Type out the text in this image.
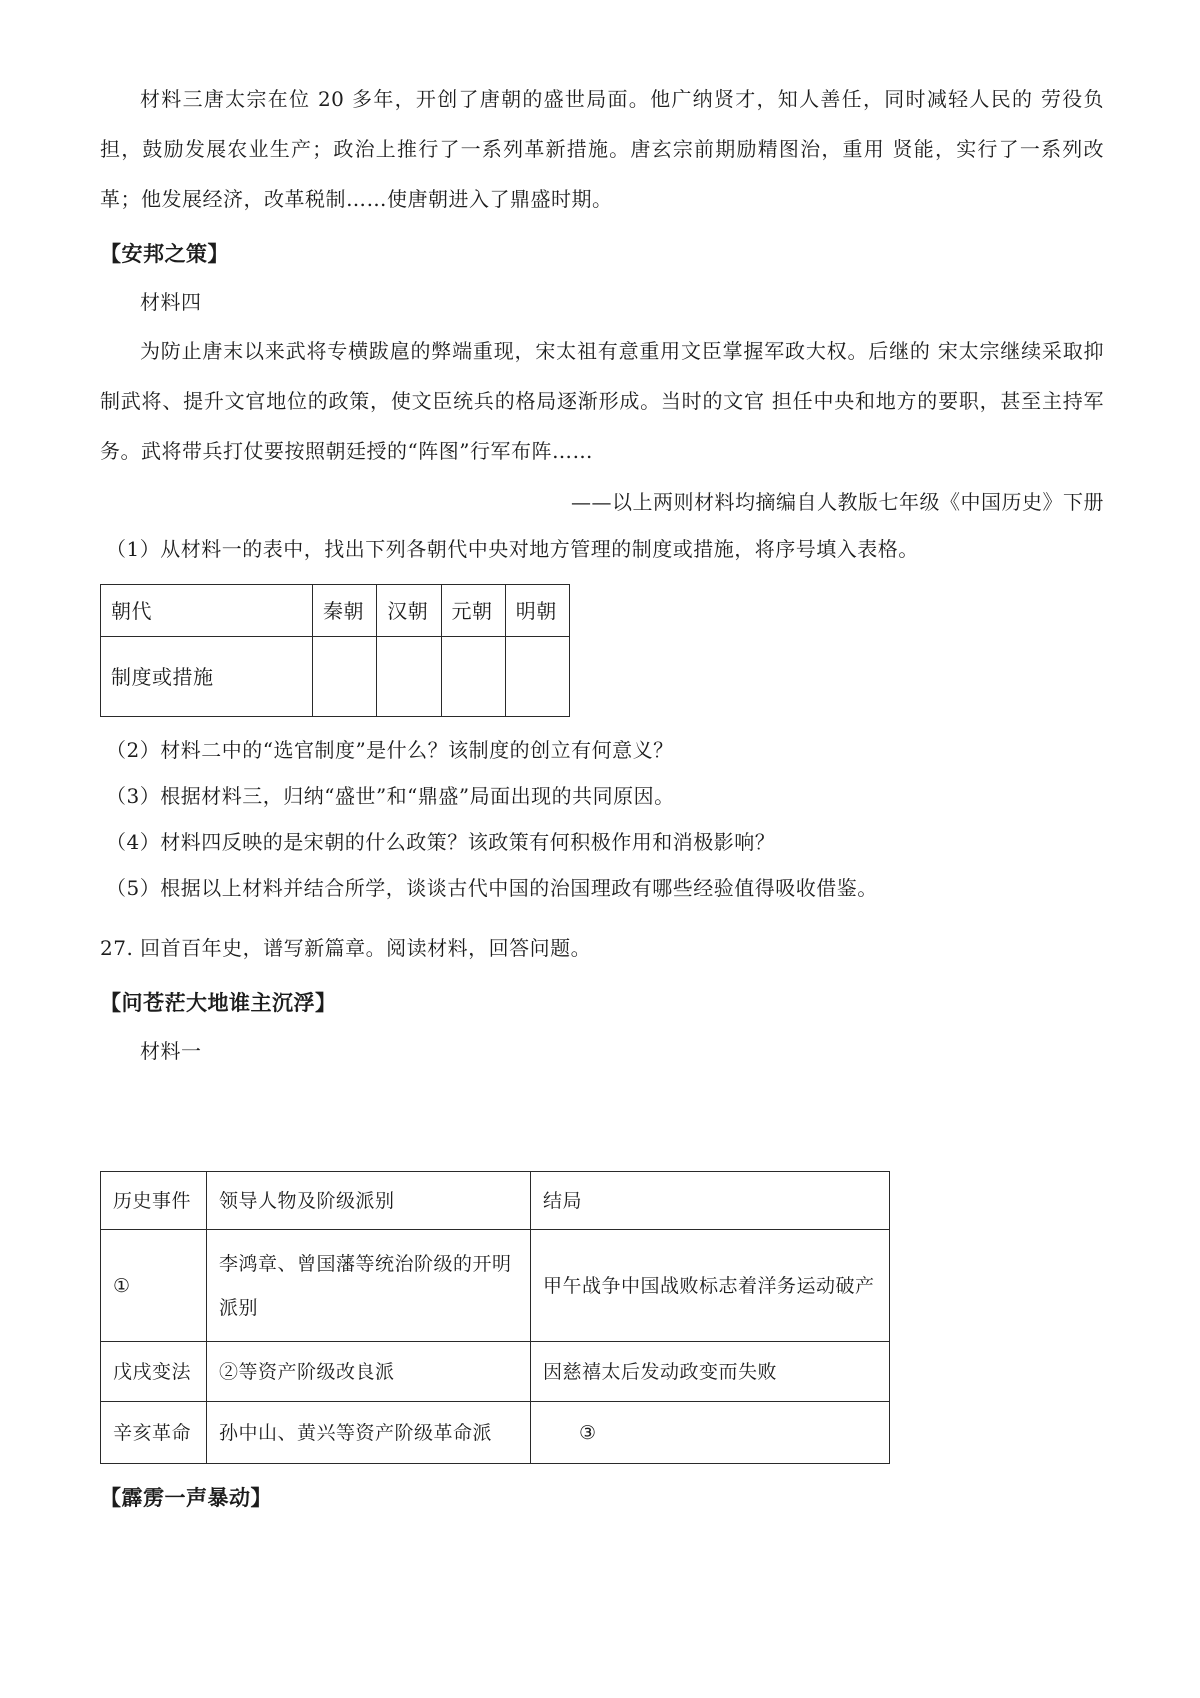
材料三唐太宗在位 20 多年，开创了唐朝的盛世局面。他广纳贤才，知人善任，同时减轻人民的 劳役负担，鼓励发展农业生产；政治上推行了一系列革新措施。唐玄宗前期励精图治，重用 贤能，实行了一系列改革；他发展经济，改革税制……使唐朝进入了鼎盛时期。

【安邦之策】
材料四

为防止唐末以来武将专横跋扈的弊端重现，宋太祖有意重用文臣掌握军政大权。后继的 宋太宗继续采取抑制武将、提升文官地位的政策，使文臣统兵的格局逐渐形成。当时的文官 担任中央和地方的要职，甚至主持军务。武将带兵打仗要按照朝廷授的“阵图”行军布阵……

——以上两则材料均摘编自人教版七年级《中国历史》下册
（1）从材料一的表中，找出下列各朝代中央对地方管理的制度或措施，将序号填入表格。
朝代	秦朝	汉朝	元朝	明朝
制度或措施				
（2）材料二中的“选官制度”是什么？该制度的创立有何意义？
（3）根据材料三，归纳“盛世”和“鼎盛”局面出现的共同原因。
（4）材料四反映的是宋朝的什么政策？该政策有何积极作用和消极影响？
（5）根据以上材料并结合所学，谈谈古代中国的治国理政有哪些经验值得吸收借鉴。
27. 回首百年史，谱写新篇章。阅读材料，回答问题。
【问苍茫大地谁主沉浮】
材料一
历史事件	领导人物及阶级派别	结局
①	李鸿章、曾国藩等统治阶级的开明派别	甲午战争中国战败标志着洋务运动破产
戊戌变法	②等资产阶级改良派	因慈禧太后发动政变而失败
辛亥革命	孙中山、黄兴等资产阶级革命派	③
【霹雳一声暴动】
